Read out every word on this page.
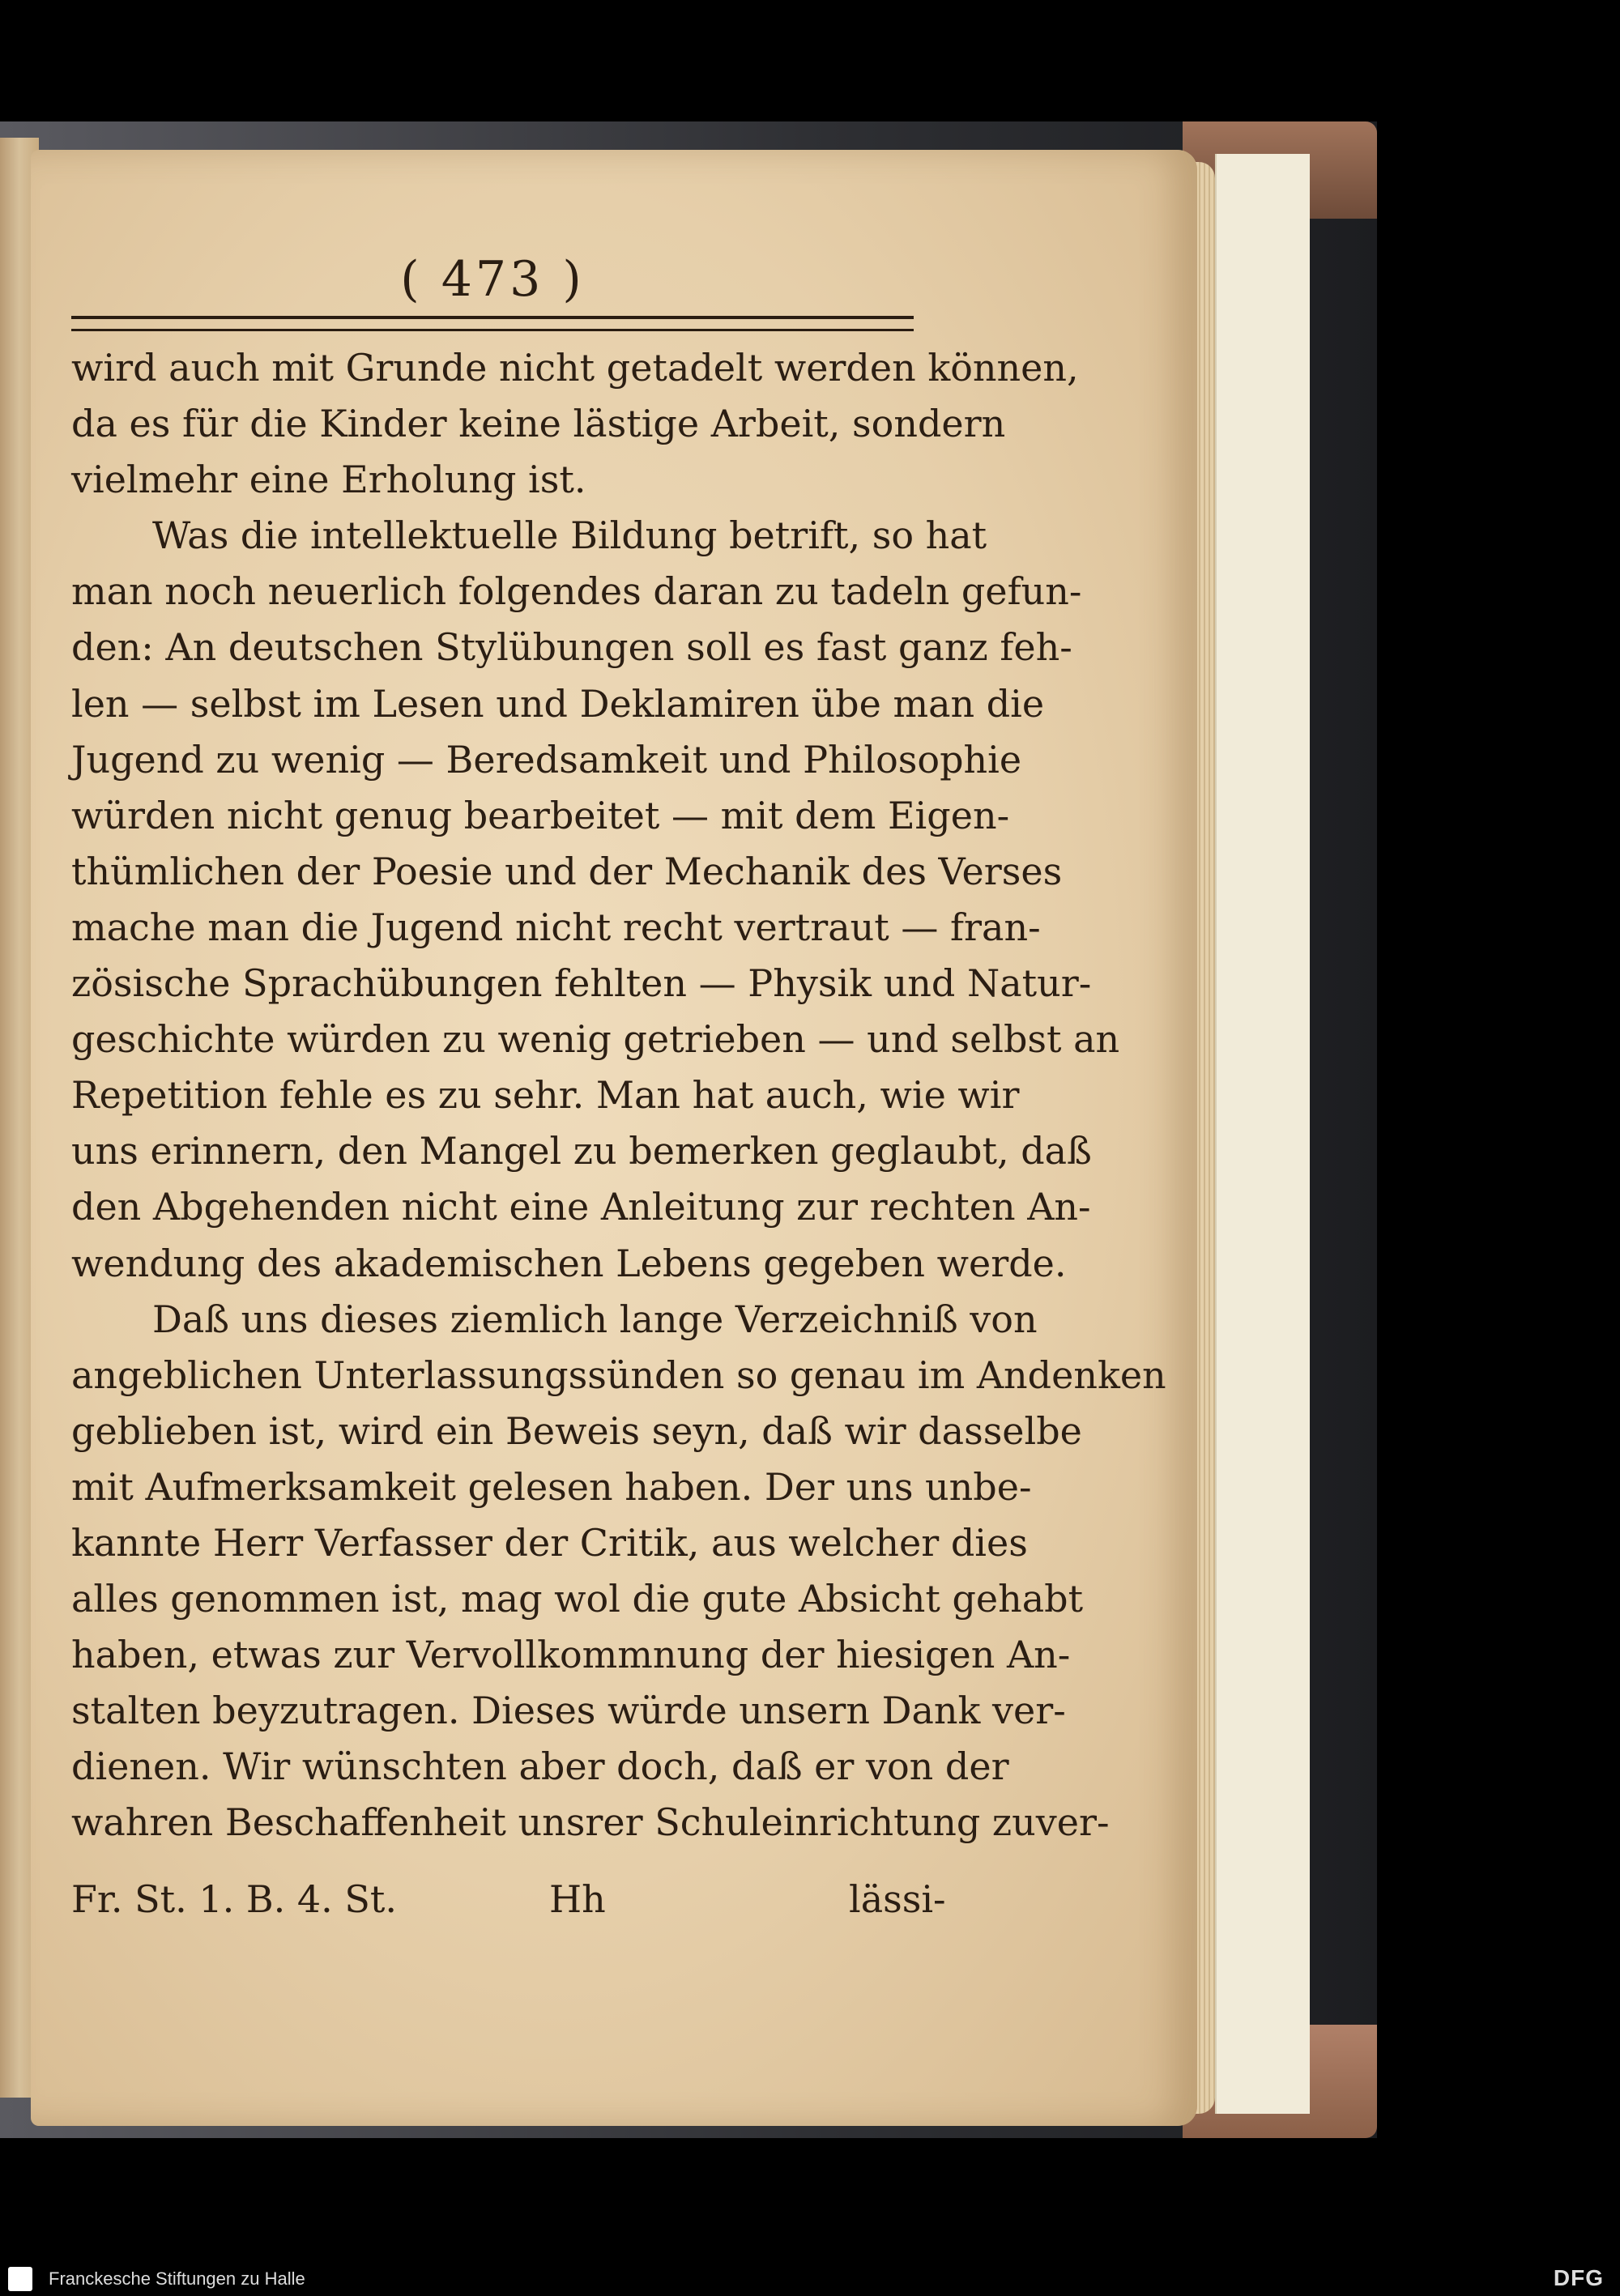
( 473 )
wird auch mit Grunde nicht getadelt werden können,
da es für die Kinder keine lästige Arbeit, sondern
vielmehr eine Erholung ist.
Was die intellektuelle Bildung betrift, so hat
man noch neuerlich folgendes daran zu tadeln gefun-
den: An deutschen Stylübungen soll es fast ganz feh-
len — selbst im Lesen und Deklamiren übe man die
Jugend zu wenig — Beredsamkeit und Philosophie
würden nicht genug bearbeitet — mit dem Eigen-
thümlichen der Poesie und der Mechanik des Verses
mache man die Jugend nicht recht vertraut — fran-
zösische Sprachübungen fehlten — Physik und Natur-
geschichte würden zu wenig getrieben — und selbst an
Repetition fehle es zu sehr. Man hat auch, wie wir
uns erinnern, den Mangel zu bemerken geglaubt, daß
den Abgehenden nicht eine Anleitung zur rechten An-
wendung des akademischen Lebens gegeben werde.
Daß uns dieses ziemlich lange Verzeichniß von
angeblichen Unterlassungssünden so genau im Andenken
geblieben ist, wird ein Beweis seyn, daß wir dasselbe
mit Aufmerksamkeit gelesen haben. Der uns unbe-
kannte Herr Verfasser der Critik, aus welcher dies
alles genommen ist, mag wol die gute Absicht gehabt
haben, etwas zur Vervollkommnung der hiesigen An-
stalten beyzutragen. Dieses würde unsern Dank ver-
dienen. Wir wünschten aber doch, daß er von der
wahren Beschaffenheit unsrer Schuleinrichtung zuver-
Fr. St. 1. B. 4. St.	Hh	lässi-
Franckesche Stiftungen zu Halle	DFG
